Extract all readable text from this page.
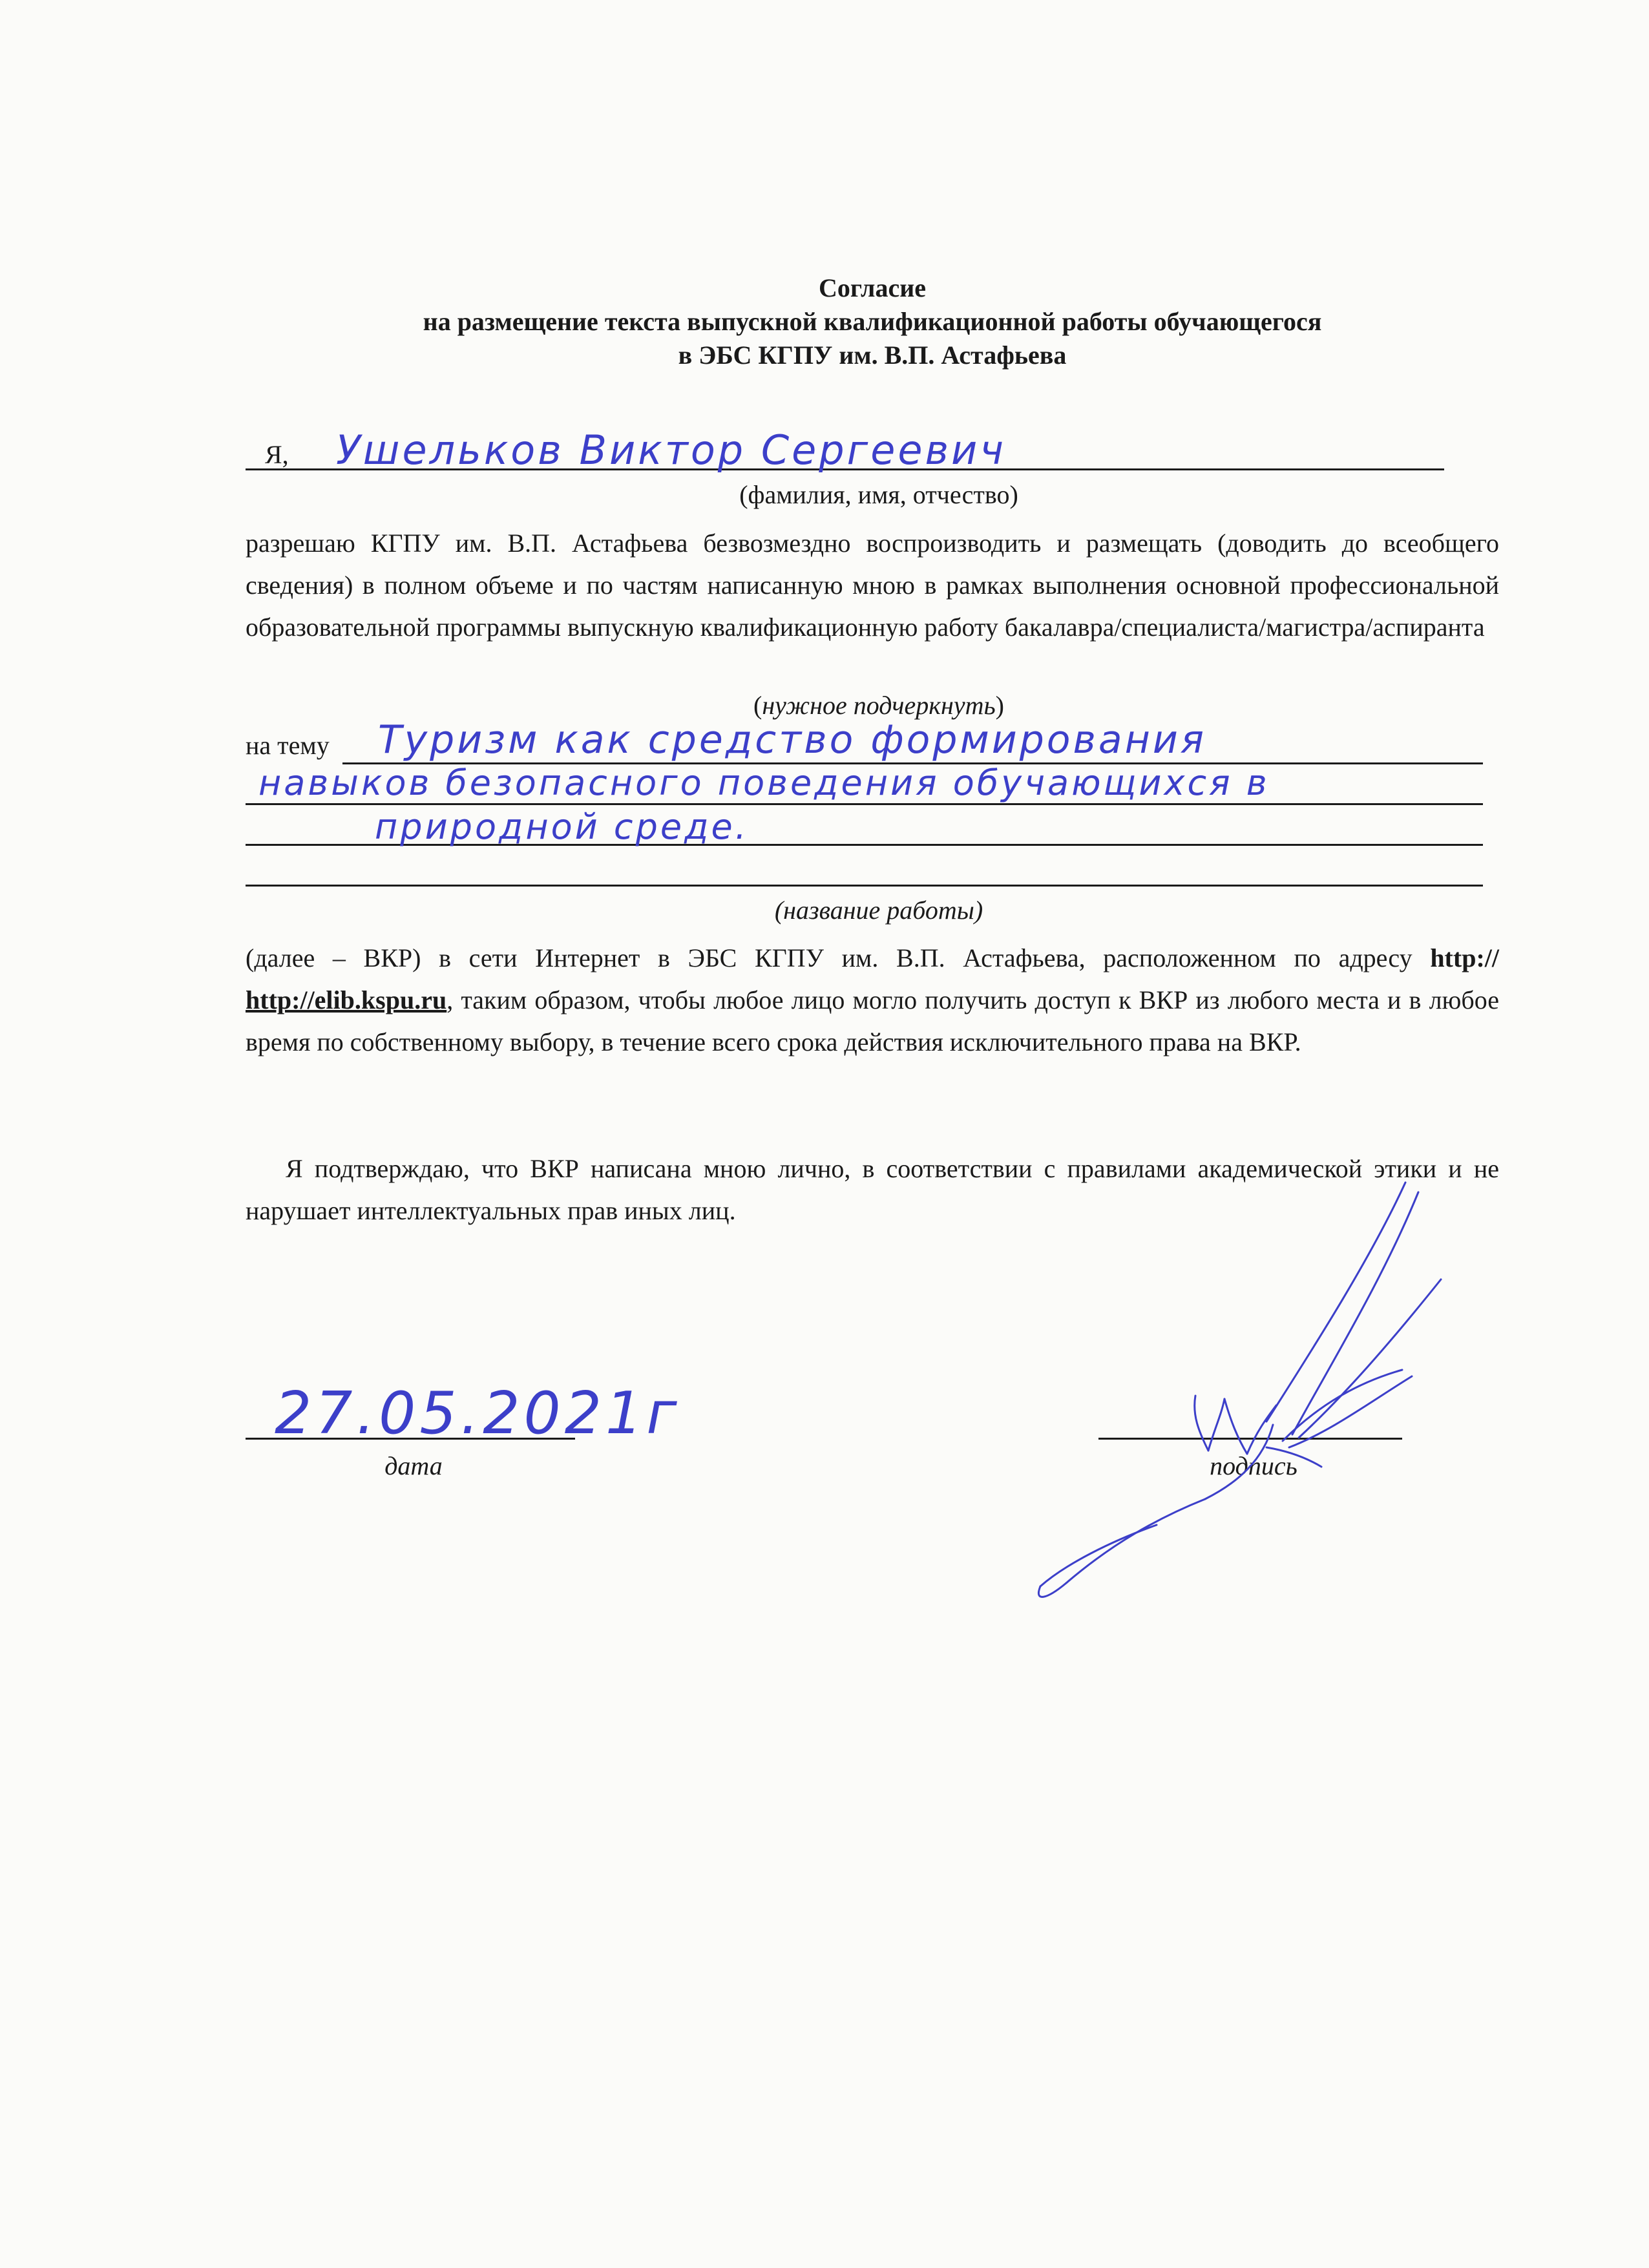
Согласие
на размещение текста выпускной квалификационной работы обучающегося
в ЭБС КГПУ им. В.П. Астафьева
Я, Ушельков Виктор Сергеевич
(фамилия, имя, отчество)
разрешаю КГПУ им. В.П. Астафьева безвозмездно воспроизводить и размещать (доводить до всеобщего сведения) в полном объеме и по частям написанную мною в рамках выполнения основной профессиональной образовательной программы выпускную квалификационную работу бакалавра/специалиста/магистра/аспиранта
(нужное подчеркнуть)
на тему Туризм как средство формирования
навыков безопасного поведения обучающихся в
природной среде.
(название работы)
(далее – ВКР) в сети Интернет в ЭБС КГПУ им. В.П. Астафьева, расположенном по адресу http:// http://elib.kspu.ru, таким образом, чтобы любое лицо могло получить доступ к ВКР из любого места и в любое время по собственному выбору, в течение всего срока действия исключительного права на ВКР.
Я подтверждаю, что ВКР написана мною лично, в соответствии с правилами академической этики и не нарушает интеллектуальных прав иных лиц.
27.05.2021г
дата	подпись
